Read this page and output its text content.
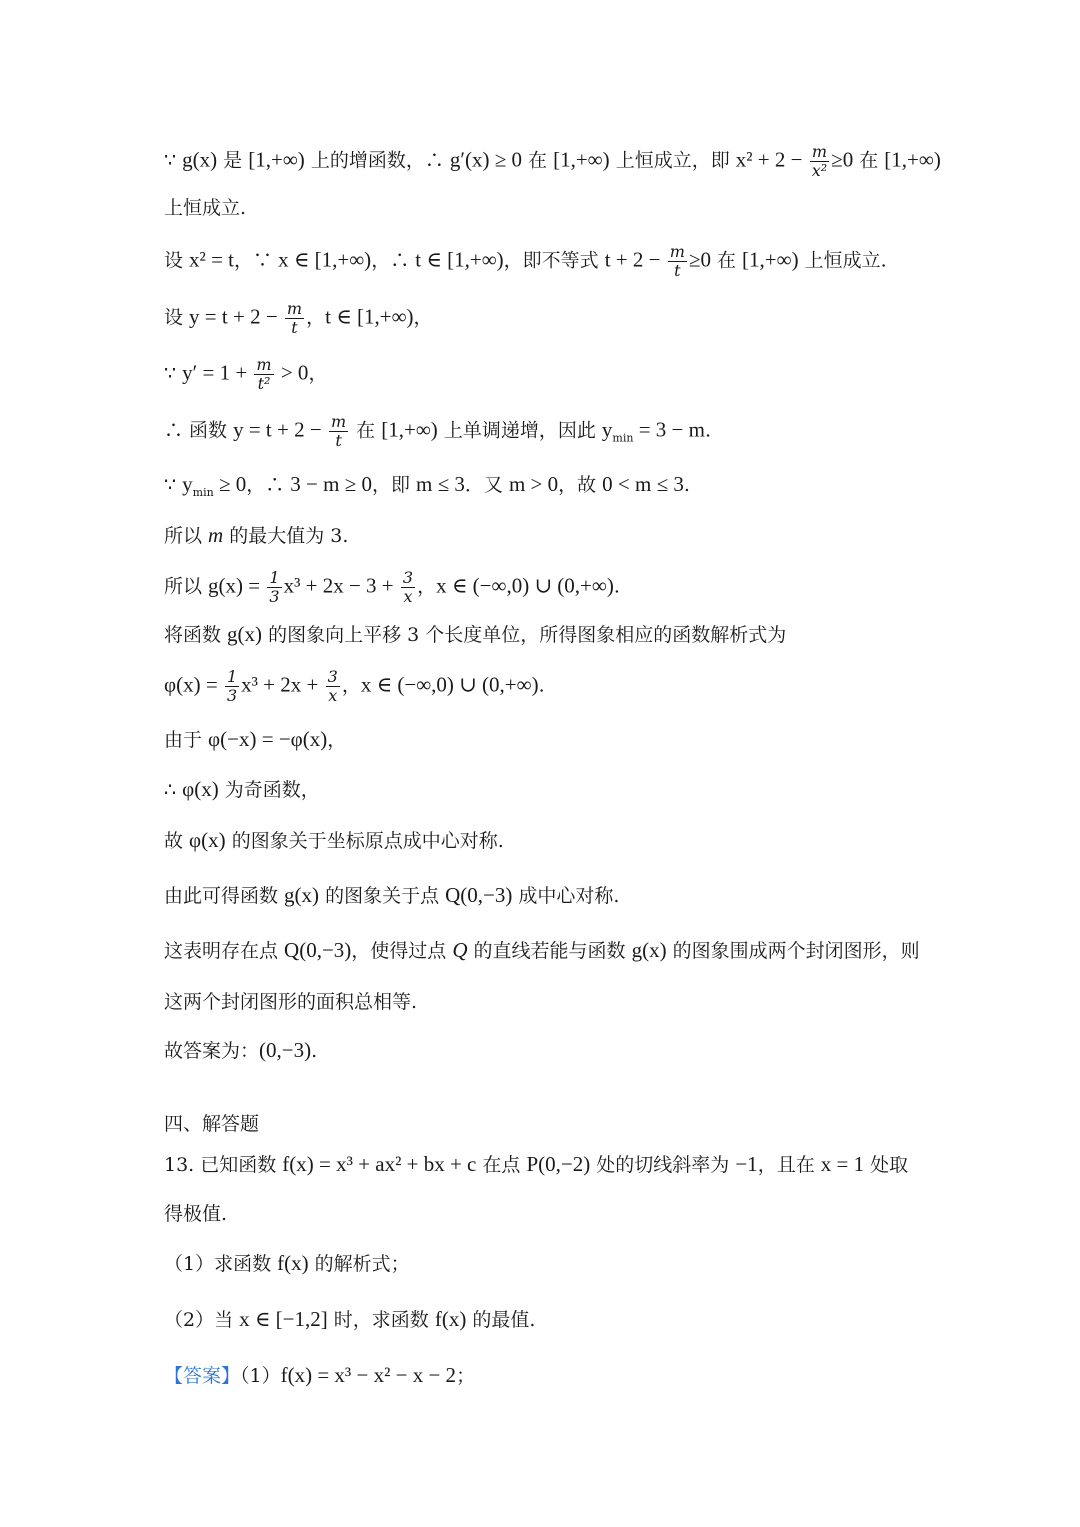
∵ g(x) 是 [1,+∞) 上的增函数，∴ g′(x) ≥ 0 在 [1,+∞) 上恒成立，即 $x^2 + 2 - \frac{m}{\text{x²}} \ge 0$ 在 [1,+∞)
上恒成立.
设 x² = t，∵ x ∈ [1,+∞)，∴ t ∈ [1,+∞)，即不等式 $t + 2 - \frac{m}{t} \ge 0$ 在 [1,+∞) 上恒成立.
设 $y = t + 2 - \frac{m}{t}$ ，t ∈ [1,+∞)，
∵ $y' = 1 + \frac{m}{\text{t²}} > 0$，
∴ 函数 $y = t + 2 - \frac{m}{t}$ 在 [1,+∞) 上单调递增，因此 $y_{min} = 3 - m$.
∵ $y_{min} \ge 0$，∴ 3 − m ≥ 0，即 m ≤ 3．又 m > 0，故 0 < m ≤ 3.
所以 m 的最大值为 3.
所以 $g(x) = \frac{1}{3} x^3 + 2x - 3 + \frac{3}{x}$ ，x ∈ (−∞,0) ∪ (0,+∞).
将函数 g(x) 的图象向上平移 3 个长度单位，所得图象相应的函数解析式为
$\varphi(x) = \frac{1}{3} x^3 + 2x + \frac{3}{x}$ ，x ∈ (−∞,0) ∪ (0,+∞).
由于 φ(−x) = −φ(x)，
∴ φ(x) 为奇函数，
故 φ(x) 的图象关于坐标原点成中心对称.
由此可得函数 g(x) 的图象关于点 Q(0,−3) 成中心对称.
这表明存在点 Q(0,−3)，使得过点 Q 的直线若能与函数 g(x) 的图象围成两个封闭图形，则
这两个封闭图形的面积总相等.
故答案为：(0,−3).
四、解答题
13. 已知函数 f(x) = x³ + ax² + bx + c 在点 P(0,−2) 处的切线斜率为 −1，且在 x = 1 处取
得极值.
（1）求函数 f(x) 的解析式；
（2）当 x ∈ [−1,2] 时，求函数 f(x) 的最值.
【答案】（1）f(x) = x³ − x² − x − 2；
